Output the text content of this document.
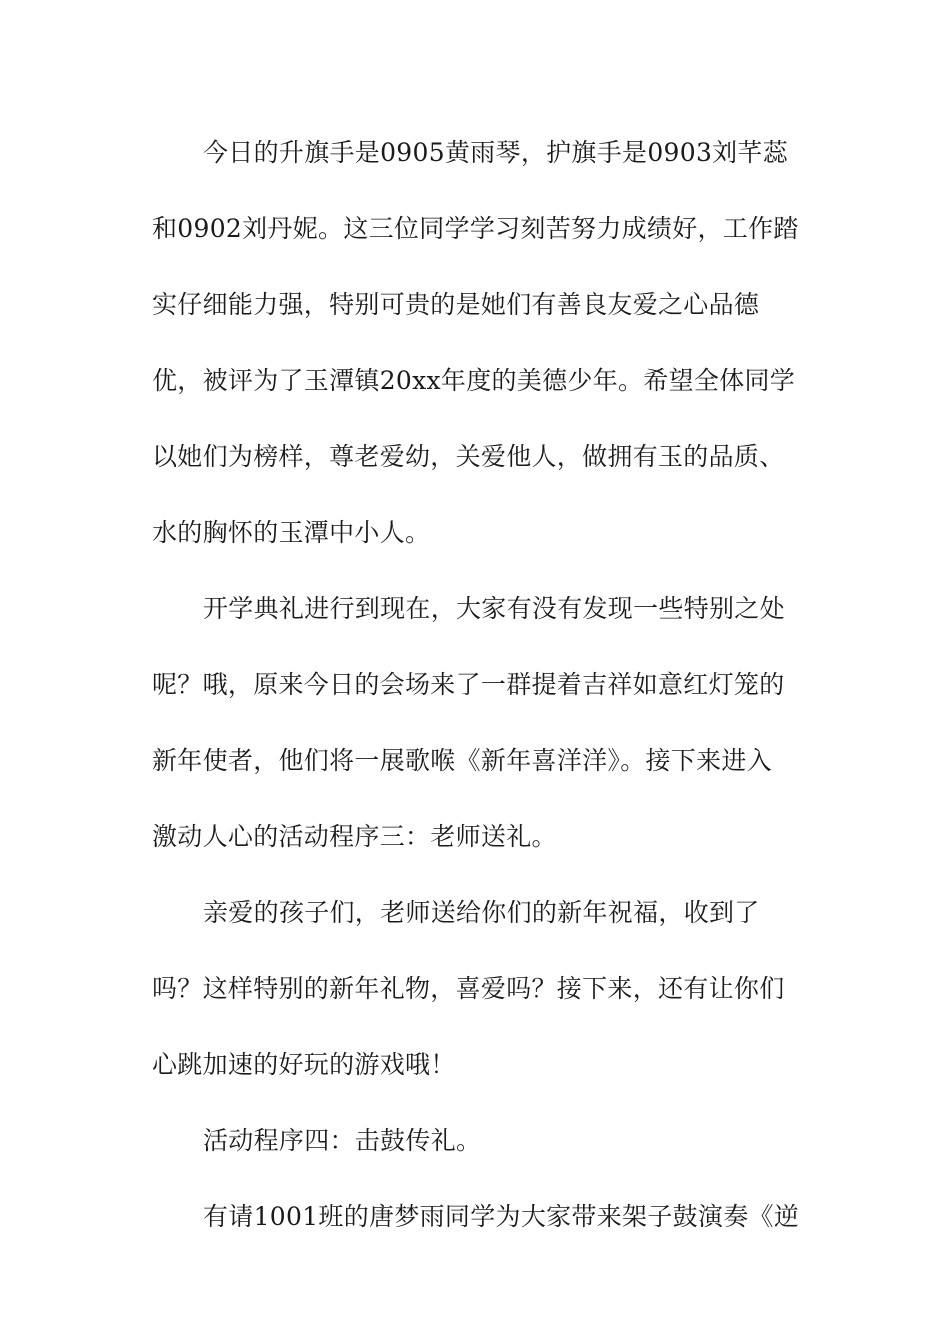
今日的升旗手是0905黄雨琴，护旗手是0903刘芊蕊
和0902刘丹妮。这三位同学学习刻苦努力成绩好，工作踏
实仔细能力强，特别可贵的是她们有善良友爱之心品德
优，被评为了玉潭镇20xx年度的美德少年。希望全体同学
以她们为榜样，尊老爱幼，关爱他人，做拥有玉的品质、
水的胸怀的玉潭中小人。
开学典礼进行到现在，大家有没有发现一些特别之处
呢？哦，原来今日的会场来了一群提着吉祥如意红灯笼的
新年使者，他们将一展歌喉《新年喜洋洋》。接下来进入
激动人心的活动程序三：老师送礼。
亲爱的孩子们，老师送给你们的新年祝福，收到了
吗？这样特别的新年礼物，喜爱吗？接下来，还有让你们
心跳加速的好玩的游戏哦！
活动程序四：击鼓传礼。
有请1001班的唐梦雨同学为大家带来架子鼓演奏《逆
